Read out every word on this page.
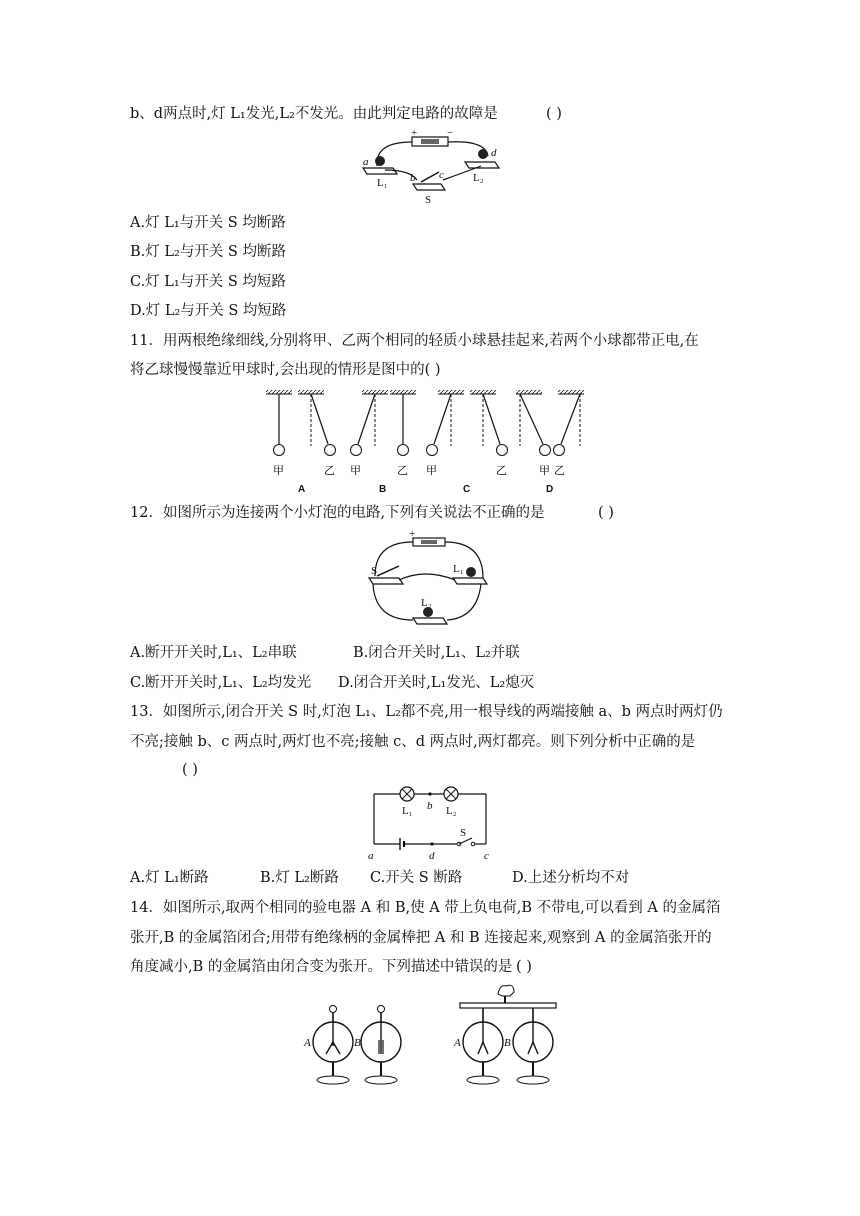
b、d两点时,灯 L₁发光,L₂不发光。由此判定电路的故障是	( )
+	−
a
L₁
d
L₂
b c
S
A.灯 L₁与开关 S 均断路
B.灯 L₂与开关 S 均断路
C.灯 L₁与开关 S 均短路
D.灯 L₂与开关 S 均短路
11．用两根绝缘细线,分别将甲、乙两个相同的轻质小球悬挂起来,若两个小球都带正电,在
将乙球慢慢靠近甲球时,会出现的情形是图中的( )
甲	乙 甲	乙 甲	乙	甲 乙
A	B	C	D
12．如图所示为连接两个小灯泡的电路,下列有关说法不正确的是	( )
+
S	L₁
L₂
A.断开开关时,L₁、L₂串联	B.闭合开关时,L₁、L₂并联
C.断开开关时,L₁、L₂均发光 D.闭合开关时,L₁发光、L₂熄灭
13．如图所示,闭合开关 S 时,灯泡 L₁、L₂都不亮,用一根导线的两端接触 a、b 两点时两灯仍
不亮;接触 b、c 两点时,两灯也不亮;接触 c、d 两点时,两灯都亮。则下列分析中正确的是
( )
b
L₁	L₂
S
a	d	c
A.灯 L₁断路	B.灯 L₂断路 C.开关 S 断路	D.上述分析均不对
14．如图所示,取两个相同的验电器 A 和 B,使 A 带上负电荷,B 不带电,可以看到 A 的金属箔
张开,B 的金属箔闭合;用带有绝缘柄的金属棒把 A 和 B 连接起来,观察到 A 的金属箔张开的
角度减小,B 的金属箔由闭合变为张开。下列描述中错误的是 ( )
A	B	A	B
